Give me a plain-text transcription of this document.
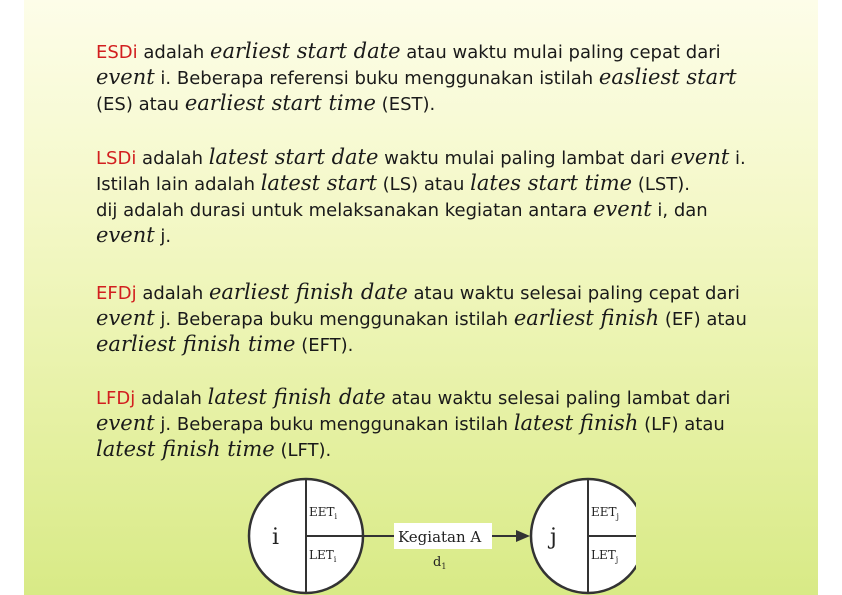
ESDi adalah earliest start date atau waktu mulai paling cepat dari
event i. Beberapa referensi buku menggunakan istilah easliest start
(ES) atau earliest start time (EST).
LSDi adalah latest start date waktu mulai paling lambat dari event i.
Istilah lain adalah latest start (LS) atau lates start time (LST).
dij adalah durasi untuk melaksanakan kegiatan antara event i, dan
event j.
EFDj adalah earliest finish date atau waktu selesai paling cepat dari
event j. Beberapa buku menggunakan istilah earliest finish (EF) atau
earliest finish time (EFT).
LFDj adalah latest finish date atau waktu selesai paling lambat dari
event j. Beberapa buku menggunakan istilah latest finish (LF) atau
latest finish time (LFT).
i
$EET_i$
$LET_i$
Kegiatan A
$d_1$
j
$EET_j$
$LET_j$
